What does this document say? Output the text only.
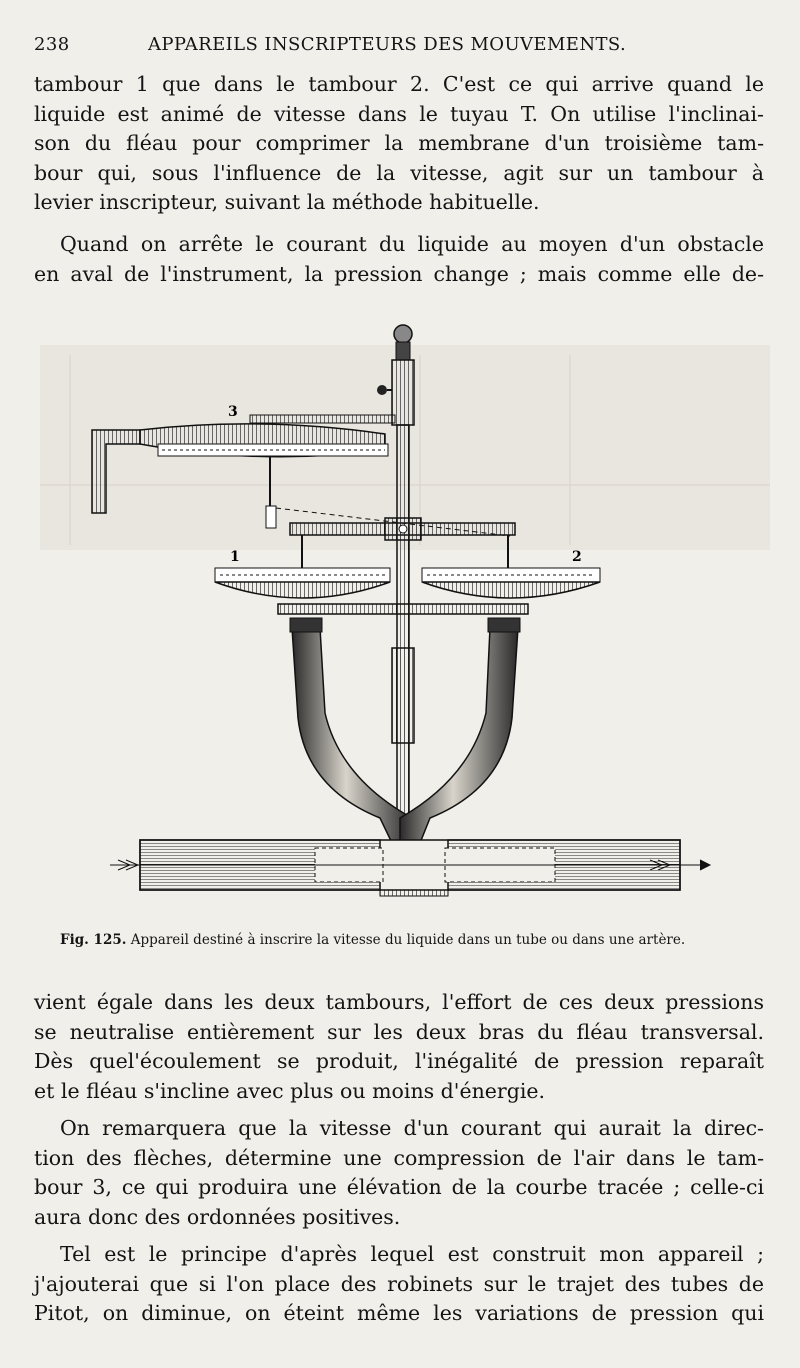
238	APPAREILS INSCRIPTEURS DES MOUVEMENTS.
tambour 1 que dans le tambour 2. C'est ce qui arrive quand le
liquide est animé de vitesse dans le tuyau T. On utilise l'inclinai-
son du fléau pour comprimer la membrane d'un troisième tam-
bour qui, sous l'influence de la vitesse, agit sur un tambour à
levier inscripteur, suivant la méthode habituelle.
Quand on arrête le courant du liquide au moyen d'un obstacle
en aval de l'instrument, la pression change ; mais comme elle de-
3
1	2
Fig. 125. Appareil destiné à inscrire la vitesse du liquide dans un tube ou dans une artère.
vient égale dans les deux tambours, l'effort de ces deux pressions
se neutralise entièrement sur les deux bras du fléau transversal.
Dès quel'écoulement se produit, l'inégalité de pression reparaît
et le fléau s'incline avec plus ou moins d'énergie.
On remarquera que la vitesse d'un courant qui aurait la direc-
tion des flèches, détermine une compression de l'air dans le tam-
bour 3, ce qui produira une élévation de la courbe tracée ; celle-ci
aura donc des ordonnées positives.
Tel est le principe d'après lequel est construit mon appareil ;
j'ajouterai que si l'on place des robinets sur le trajet des tubes de
Pitot, on diminue, on éteint même les variations de pression qui
